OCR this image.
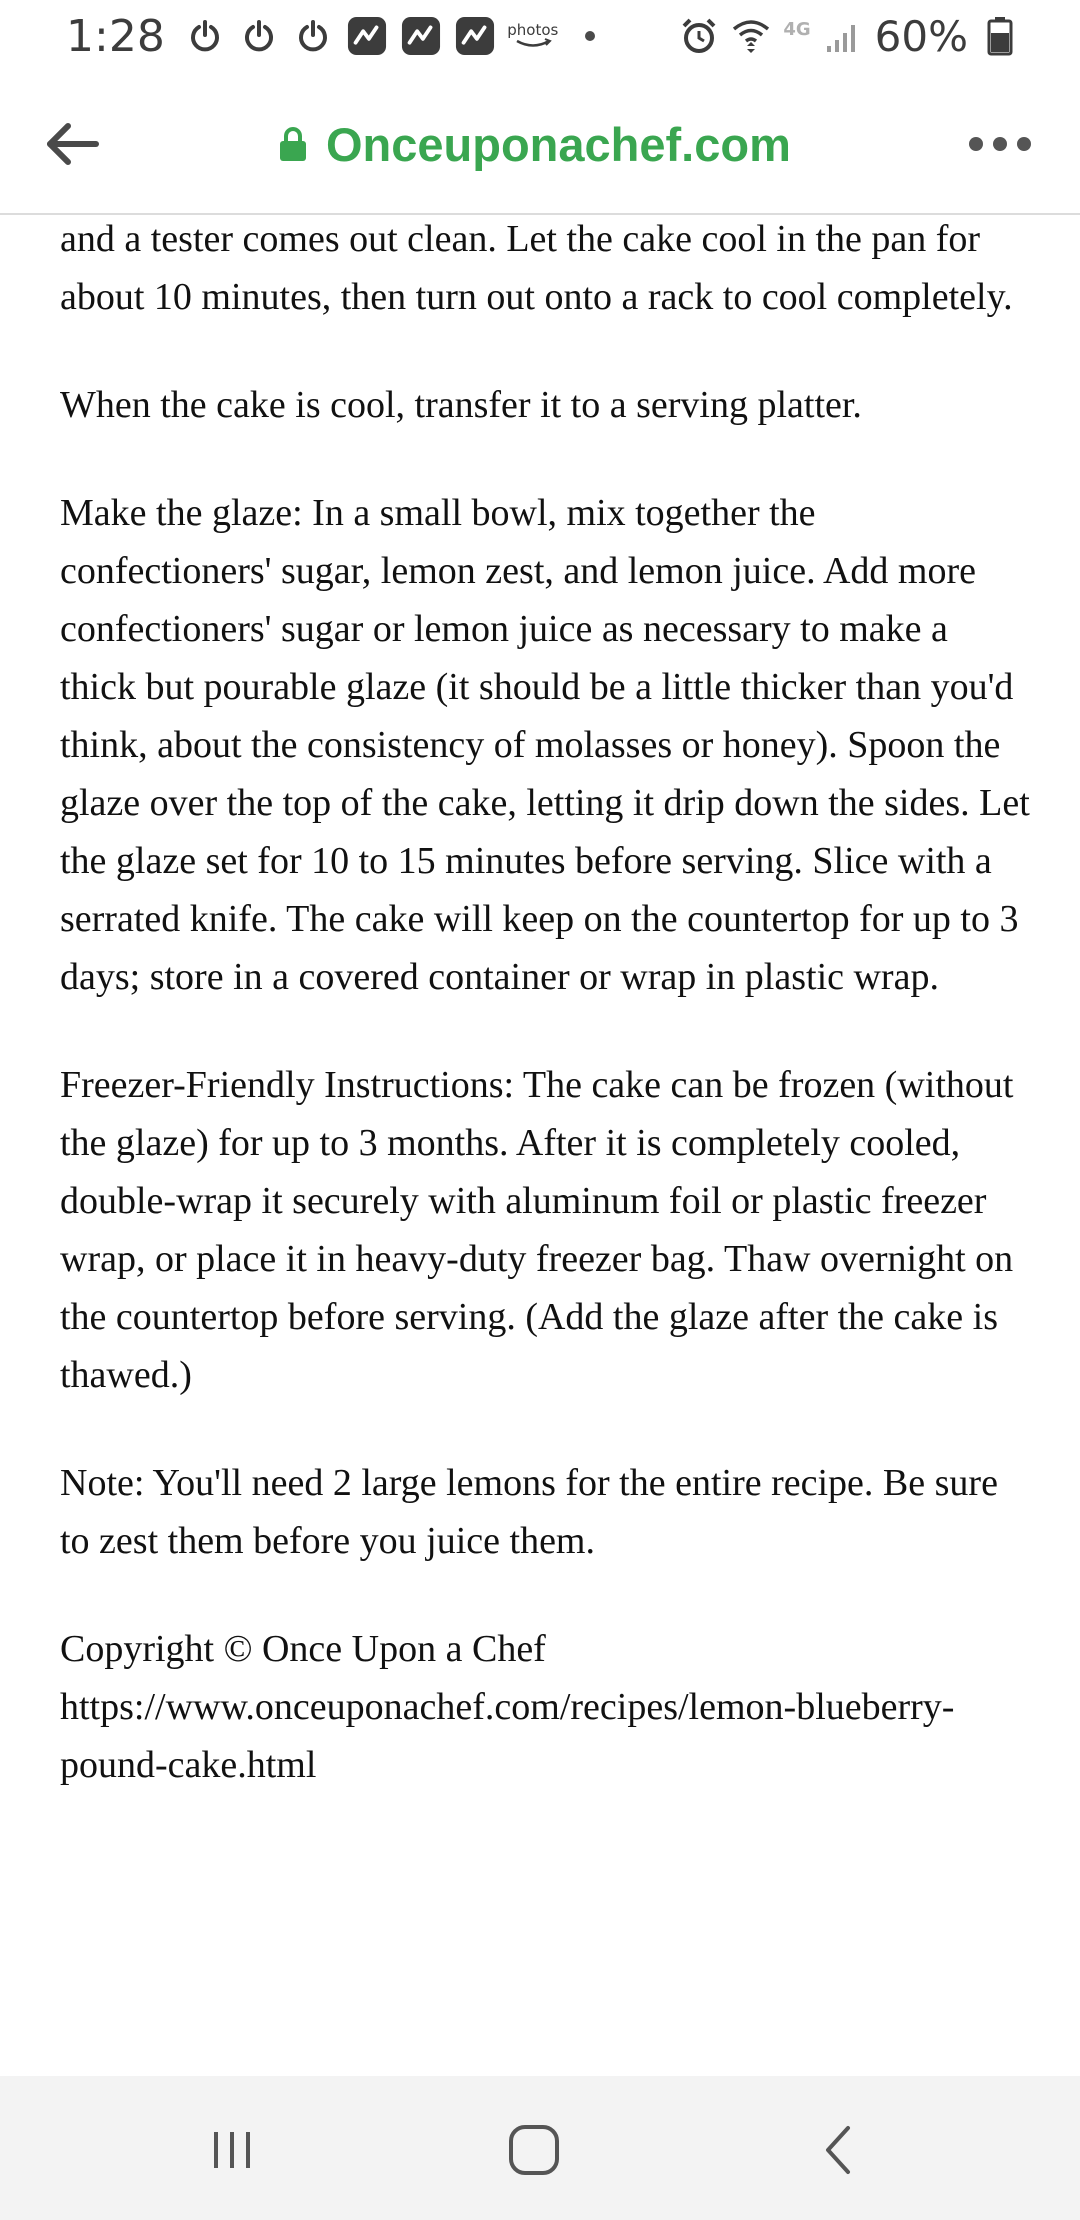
1:28	photos	4G 60%
Onceuponachef.com

and a tester comes out clean. Let the cake cool in the pan for about 10 minutes, then turn out onto a rack to cool completely.

When the cake is cool, transfer it to a serving platter.

Make the glaze: In a small bowl, mix together the confectioners' sugar, lemon zest, and lemon juice. Add more confectioners' sugar or lemon juice as necessary to make a thick but pourable glaze (it should be a little thicker than you'd think, about the consistency of molasses or honey). Spoon the glaze over the top of the cake, letting it drip down the sides. Let the glaze set for 10 to 15 minutes before serving. Slice with a serrated knife. The cake will keep on the countertop for up to 3 days; store in a covered container or wrap in plastic wrap.

Freezer-Friendly Instructions: The cake can be frozen (without the glaze) for up to 3 months. After it is completely cooled, double-wrap it securely with aluminum foil or plastic freezer wrap, or place it in heavy-duty freezer bag. Thaw overnight on the countertop before serving. (Add the glaze after the cake is thawed.)

Note: You'll need 2 large lemons for the entire recipe. Be sure to zest them before you juice them.

Copyright © Once Upon a Chef
https://www.onceuponachef.com/recipes/lemon-blueberry-pound-cake.html
